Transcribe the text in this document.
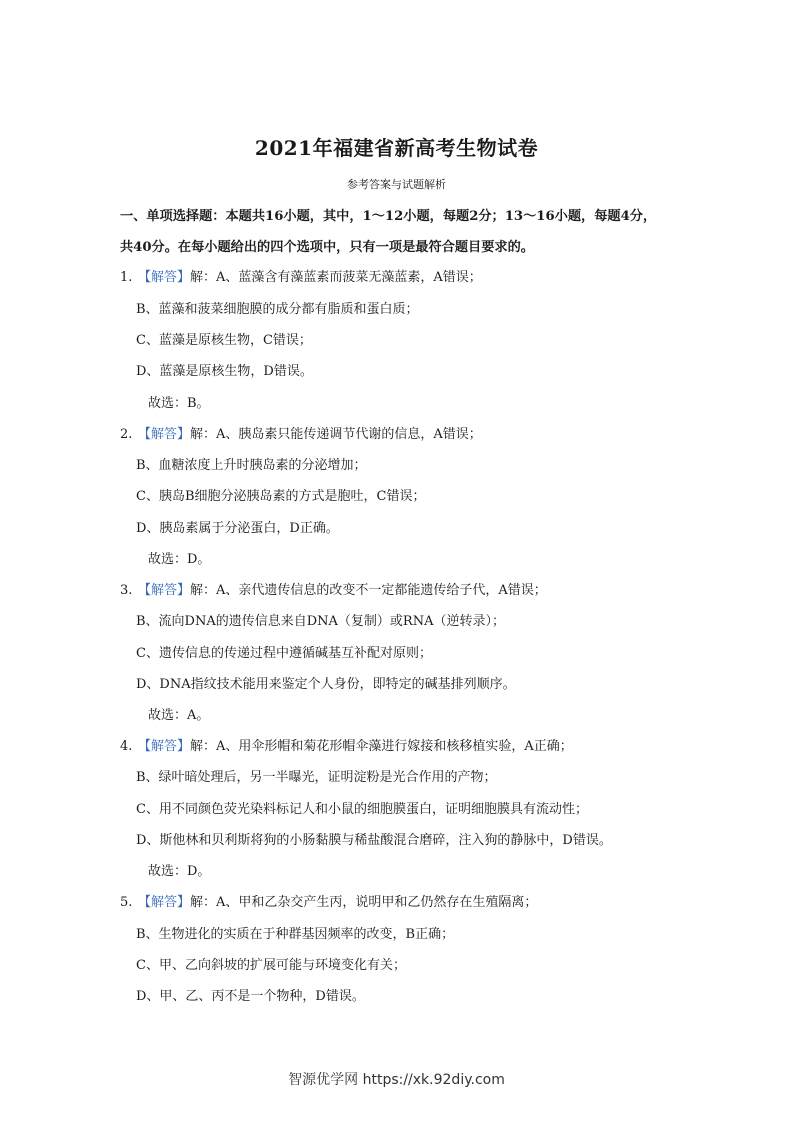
2021年福建省新高考生物试卷
参考答案与试题解析
一、单项选择题：本题共16小题，其中，1～12小题，每题2分；13～16小题，每题4分，
共40分。在每小题给出的四个选项中，只有一项是最符合题目要求的。
1. 【解答】解：A、蓝藻含有藻蓝素而菠菜无藻蓝素，A错误；
B、蓝藻和菠菜细胞膜的成分都有脂质和蛋白质；
C、蓝藻是原核生物，C错误；
D、蓝藻是原核生物，D错误。
故选：B。
2. 【解答】解：A、胰岛素只能传递调节代谢的信息，A错误；
B、血糖浓度上升时胰岛素的分泌增加；
C、胰岛B细胞分泌胰岛素的方式是胞吐，C错误；
D、胰岛素属于分泌蛋白，D正确。
故选：D。
3. 【解答】解：A、亲代遗传信息的改变不一定都能遗传给子代，A错误；
B、流向DNA的遗传信息来自DNA（复制）或RNA（逆转录）；
C、遗传信息的传递过程中遵循碱基互补配对原则；
D、DNA指纹技术能用来鉴定个人身份，即特定的碱基排列顺序。
故选：A。
4. 【解答】解：A、用伞形帽和菊花形帽伞藻进行嫁接和核移植实验，A正确；
B、绿叶暗处理后，另一半曝光，证明淀粉是光合作用的产物；
C、用不同颜色荧光染料标记人和小鼠的细胞膜蛋白，证明细胞膜具有流动性；
D、斯他林和贝利斯将狗的小肠黏膜与稀盐酸混合磨碎，注入狗的静脉中，D错误。
故选：D。
5. 【解答】解：A、甲和乙杂交产生丙，说明甲和乙仍然存在生殖隔离；
B、生物进化的实质在于种群基因频率的改变，B正确；
C、甲、乙向斜坡的扩展可能与环境变化有关；
D、甲、乙、丙不是一个物种，D错误。
智源优学网 https://xk.92diy.com
